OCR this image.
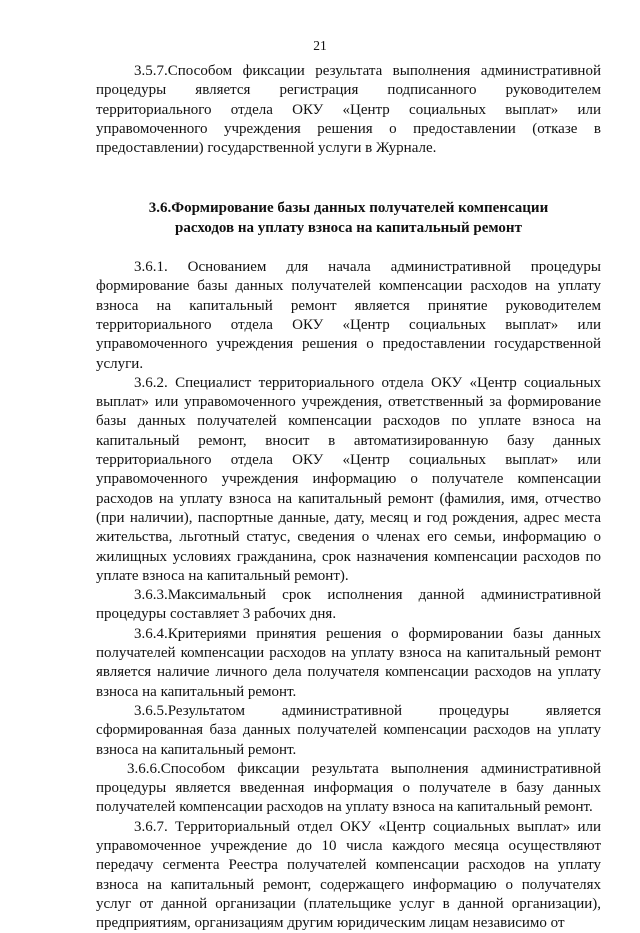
21

3.5.7.Способом фиксации результата выполнения административной процедуры является регистрация подписанного руководителем территориального отдела ОКУ «Центр социальных выплат» или управомоченного учреждения решения о предоставлении (отказе в предоставлении) государственной услуги в Журнале.

3.6.Формирование базы данных получателей компенсации
расходов на уплату взноса на капитальный ремонт

3.6.1. Основанием для начала административной процедуры формирование базы данных получателей компенсации расходов на уплату взноса на капитальный ремонт является принятие руководителем территориального отдела ОКУ «Центр социальных выплат» или управомоченного учреждения решения о предоставлении государственной услуги.

3.6.2. Специалист территориального отдела ОКУ «Центр социальных выплат» или управомоченного учреждения, ответственный за формирование базы данных получателей компенсации расходов по уплате взноса на капитальный ремонт, вносит в автоматизированную базу данных территориального отдела ОКУ «Центр социальных выплат» или управомоченного учреждения информацию о получателе компенсации расходов на уплату взноса на капитальный ремонт (фамилия, имя, отчество (при наличии), паспортные данные, дату, месяц и год рождения, адрес места жительства, льготный статус, сведения о членах его семьи, информацию о жилищных условиях гражданина, срок назначения компенсации расходов по уплате взноса на капитальный ремонт).

3.6.3.Максимальный срок исполнения данной административной процедуры составляет 3 рабочих дня.

3.6.4.Критериями принятия решения о формировании базы данных получателей компенсации расходов на уплату взноса на капитальный ремонт является наличие личного дела получателя компенсации расходов на уплату взноса на капитальный ремонт.

3.6.5.Результатом административной процедуры является сформированная база данных получателей компенсации расходов на уплату взноса на капитальный ремонт.

3.6.6.Способом фиксации результата выполнения административной процедуры является введенная информация о получателе в базу данных получателей компенсации расходов на уплату взноса на капитальный ремонт.

3.6.7. Территориальный отдел ОКУ «Центр социальных выплат» или управомоченное учреждение до 10 числа каждого месяца осуществляют передачу сегмента Реестра получателей компенсации расходов на уплату взноса на капитальный ремонт, содержащего информацию о получателях услуг от данной организации (плательщике услуг в данной организации), предприятиям, организациям другим юридическим лицам независимо от
